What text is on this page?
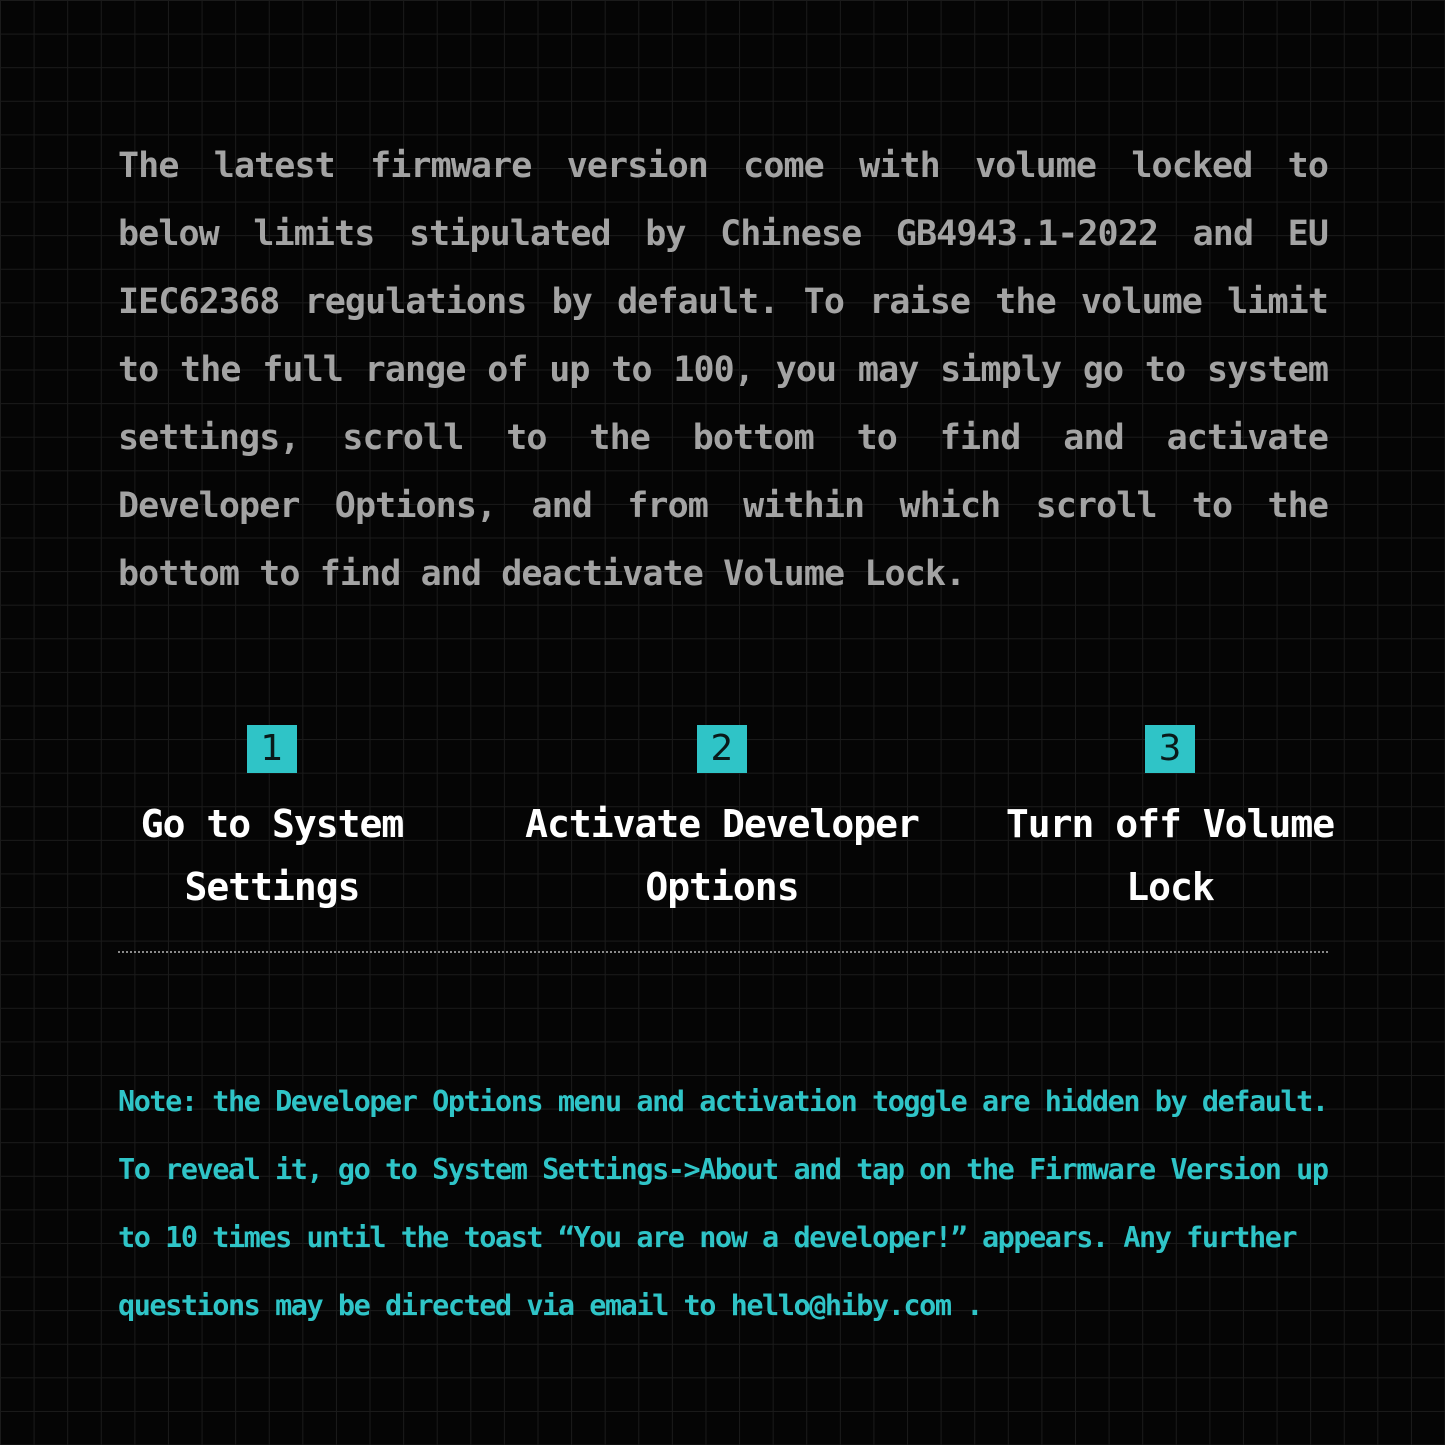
The latest firmware version come with volume locked to below limits stipulated by Chinese GB4943.1-2022 and EU IEC62368 regulations by default. To raise the volume limit to the full range of up to 100, you may simply go to system settings, scroll to the bottom to find and activate Developer Options, and from within which scroll to the bottom to find and deactivate Volume Lock.

1
Go to System Settings
2
Activate Developer Options
3
Turn off Volume Lock

Note: the Developer Options menu and activation toggle are hidden by default. To reveal it, go to System Settings->About and tap on the Firmware Version up to 10 times until the toast “You are now a developer!” appears. Any further questions may be directed via email to hello@hiby.com .
